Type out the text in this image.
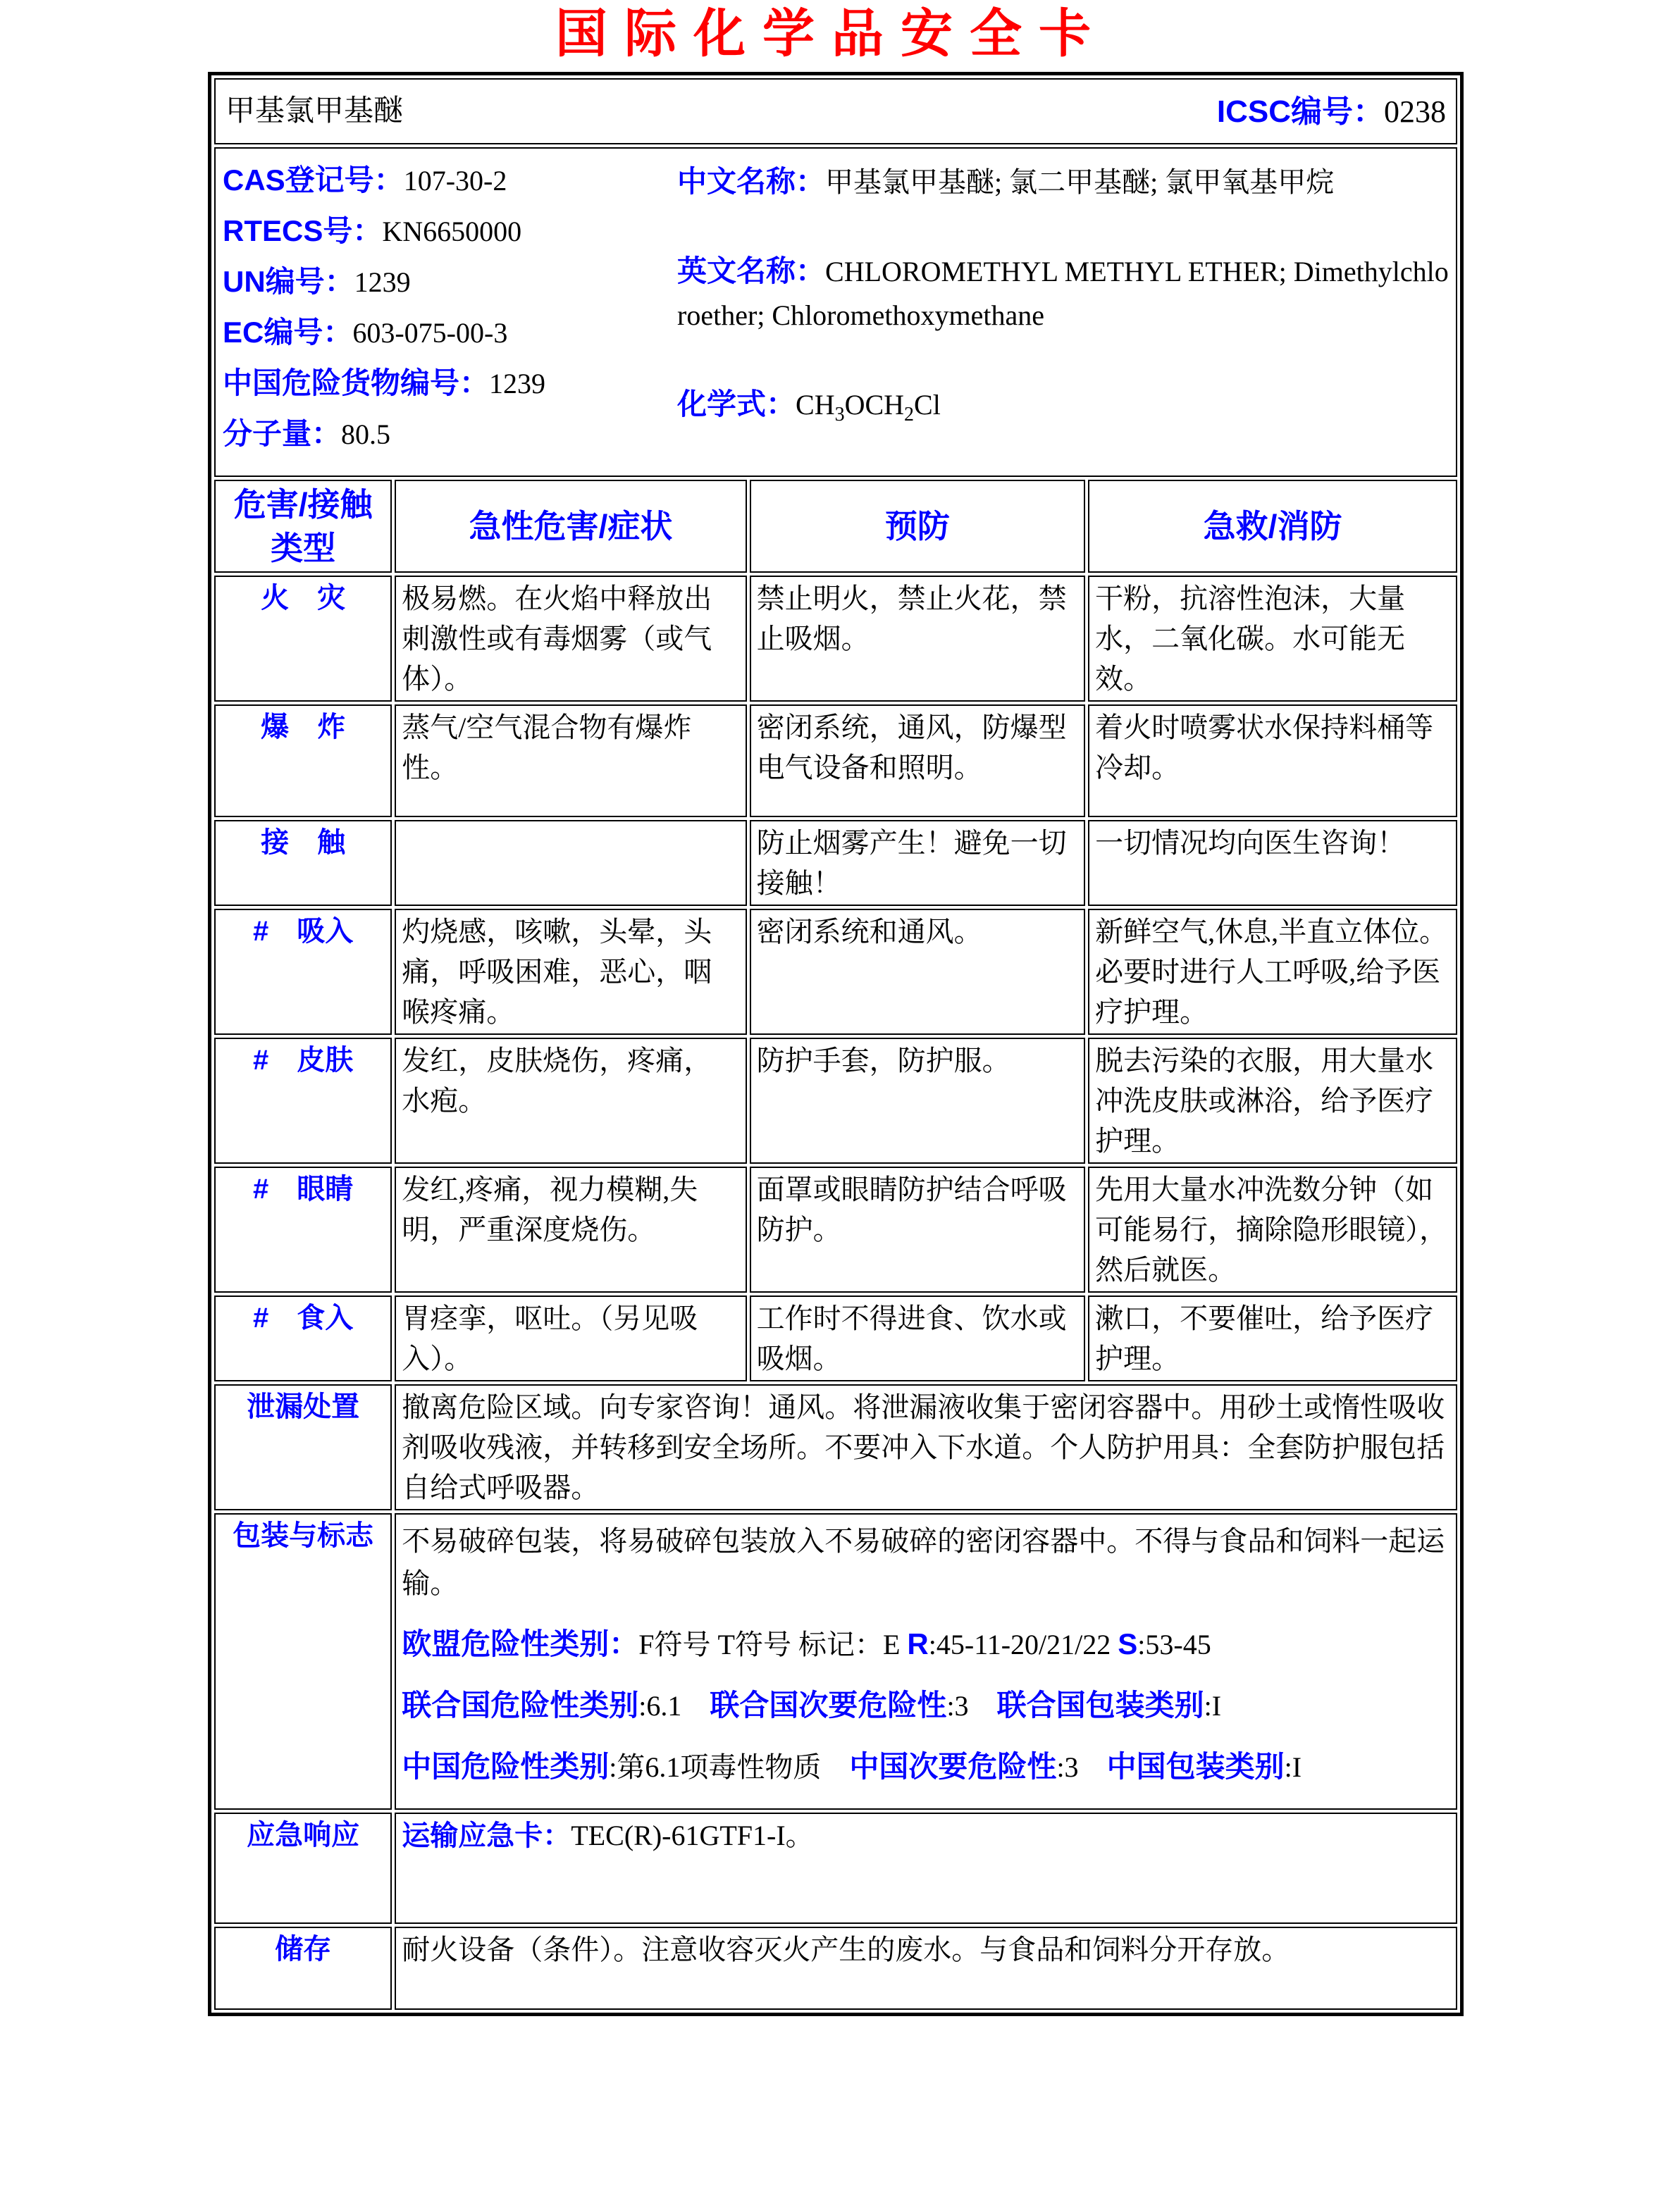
国际化学品安全卡
甲基氯甲基醚 ICSC编号：0238			

CAS登记号：107-30-2
RTECS号：KN6650000
UN编号：1239
EC编号：603-075-00-3
中国危险货物编号：1239
分子量：80.5

中文名称：甲基氯甲基醚; 氯二甲基醚; 氯甲氧基甲烷

英文名称：CHLOROMETHYL METHYL ETHER; Dimethylchloroether; Chloromethoxymethane

化学式：$CH_3OCH_2Cl$

危害/接触
类型	急性危害/症状	预防	急救/消防
火　灾	极易燃。在火焰中释放出刺激性或有毒烟雾（或气体）。	禁止明火，禁止火花，禁止吸烟。	干粉，抗溶性泡沫，大量水，二氧化碳。水可能无效。
爆　炸	蒸气/空气混合物有爆炸性。	密闭系统，通风，防爆型电气设备和照明。	着火时喷雾状水保持料桶等冷却。
接　触		防止烟雾产生！避免一切接触！	一切情况均向医生咨询！
#　吸入	灼烧感，咳嗽，头晕，头痛，呼吸困难，恶心，咽喉疼痛。	密闭系统和通风。	新鲜空气,休息,半直立体位。必要时进行人工呼吸,给予医疗护理。
#　皮肤	发红，皮肤烧伤，疼痛，水疱。	防护手套，防护服。	脱去污染的衣服，用大量水冲洗皮肤或淋浴，给予医疗护理。
#　眼睛	发红,疼痛，视力模糊,失明，严重深度烧伤。	面罩或眼睛防护结合呼吸防护。	先用大量水冲洗数分钟（如可能易行，摘除隐形眼镜），然后就医。
#　食入	胃痉挛，呕吐。（另见吸入）。	工作时不得进食、饮水或吸烟。	漱口，不要催吐，给予医疗护理。
泄漏处置	撤离危险区域。向专家咨询！通风。将泄漏液收集于密闭容器中。用砂土或惰性吸收剂吸收残液，并转移到安全场所。不要冲入下水道。个人防护用具：全套防护服包括自给式呼吸器。		
包装与标志	不易破碎包装，将易破碎包装放入不易破碎的密闭容器中。不得与食品和饲料一起运输。

欧盟危险性类别：F符号 T符号 标记：E R:45-11-20/21/22 S:53-45

联合国危险性类别:6.1　联合国次要危险性:3　联合国包装类别:I

中国危险性类别:第6.1项毒性物质　中国次要危险性:3　中国包装类别:I		

应急响应	运输应急卡：TEC(R)-61GTF1-I。		
储存	耐火设备（条件）。注意收容灭火产生的废水。与食品和饲料分开存放。		
